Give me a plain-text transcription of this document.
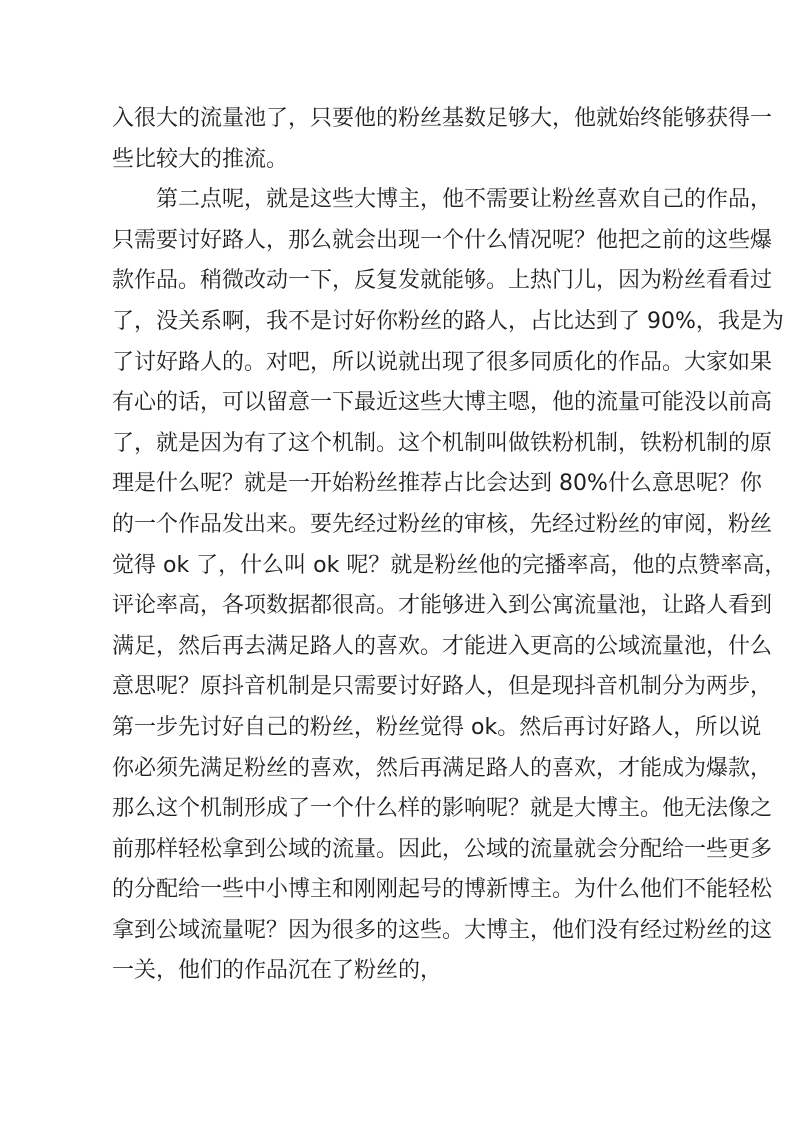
入很大的流量池了，只要他的粉丝基数足够大，他就始终能够获得一
些比较大的推流。
第二点呢，就是这些大博主，他不需要让粉丝喜欢自己的作品，
只需要讨好路人，那么就会出现一个什么情况呢？他把之前的这些爆
款作品。稍微改动一下，反复发就能够。上热门儿，因为粉丝看看过
了，没关系啊，我不是讨好你粉丝的路人，占比达到了 90%，我是为
了讨好路人的。对吧，所以说就出现了很多同质化的作品。大家如果
有心的话，可以留意一下最近这些大博主嗯，他的流量可能没以前高
了，就是因为有了这个机制。这个机制叫做铁粉机制，铁粉机制的原
理是什么呢？就是一开始粉丝推荐占比会达到 80%什么意思呢？你
的一个作品发出来。要先经过粉丝的审核，先经过粉丝的审阅，粉丝
觉得 ok 了，什么叫 ok 呢？就是粉丝他的完播率高，他的点赞率高，
评论率高，各项数据都很高。才能够进入到公寓流量池，让路人看到
满足，然后再去满足路人的喜欢。才能进入更高的公域流量池，什么
意思呢？原抖音机制是只需要讨好路人，但是现抖音机制分为两步，
第一步先讨好自己的粉丝，粉丝觉得 ok。然后再讨好路人，所以说
你必须先满足粉丝的喜欢，然后再满足路人的喜欢，才能成为爆款，
那么这个机制形成了一个什么样的影响呢？就是大博主。他无法像之
前那样轻松拿到公域的流量。因此，公域的流量就会分配给一些更多
的分配给一些中小博主和刚刚起号的博新博主。为什么他们不能轻松
拿到公域流量呢？因为很多的这些。大博主，他们没有经过粉丝的这
一关，他们的作品沉在了粉丝的，
